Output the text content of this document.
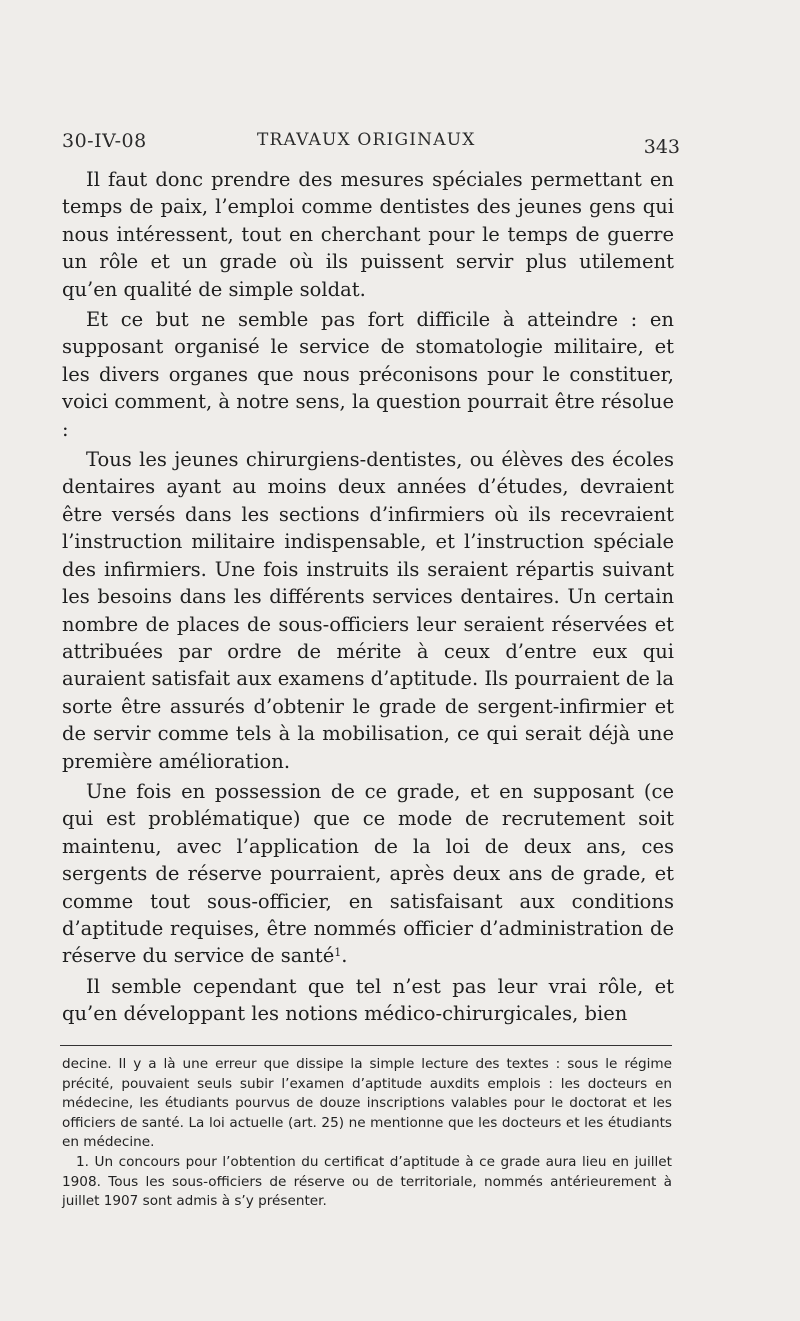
30-IV-08	TRAVAUX ORIGINAUX	343

Il faut donc prendre des mesures spéciales permettant en temps de paix, l’emploi comme dentistes des jeunes gens qui nous intéressent, tout en cherchant pour le temps de guerre un rôle et un grade où ils puissent servir plus utilement qu’en qualité de simple soldat.

Et ce but ne semble pas fort difficile à atteindre : en supposant organisé le service de stomatologie militaire, et les divers organes que nous préconisons pour le constituer, voici comment, à notre sens, la question pourrait être résolue :

Tous les jeunes chirurgiens-dentistes, ou élèves des écoles dentaires ayant au moins deux années d’études, devraient être versés dans les sections d’infirmiers où ils recevraient l’instruction militaire indispensable, et l’instruction spéciale des infirmiers. Une fois instruits ils seraient répartis suivant les besoins dans les différents services dentaires. Un certain nombre de places de sous-officiers leur seraient réservées et attribuées par ordre de mérite à ceux d’entre eux qui auraient satisfait aux examens d’aptitude. Ils pourraient de la sorte être assurés d’obtenir le grade de sergent-infirmier et de servir comme tels à la mobilisation, ce qui serait déjà une première amélioration.

Une fois en possession de ce grade, et en supposant (ce qui est problématique) que ce mode de recrutement soit maintenu, avec l’application de la loi de deux ans, ces sergents de réserve pourraient, après deux ans de grade, et comme tout sous-officier, en satisfaisant aux conditions d’aptitude requises, être nommés officier d’administration de réserve du service de santé$^1$.

Il semble cependant que tel n’est pas leur vrai rôle, et qu’en développant les notions médico-chirurgicales, bien

decine. Il y a là une erreur que dissipe la simple lecture des textes : sous le régime précité, pouvaient seuls subir l’examen d’aptitude auxdits emplois : les docteurs en médecine, les étudiants pourvus de douze inscriptions valables pour le doctorat et les officiers de santé. La loi actuelle (art. 25) ne mentionne que les docteurs et les étudiants en médecine.

1. Un concours pour l’obtention du certificat d’aptitude à ce grade aura lieu en juillet 1908. Tous les sous-officiers de réserve ou de territoriale, nommés antérieurement à juillet 1907 sont admis à s’y présenter.
